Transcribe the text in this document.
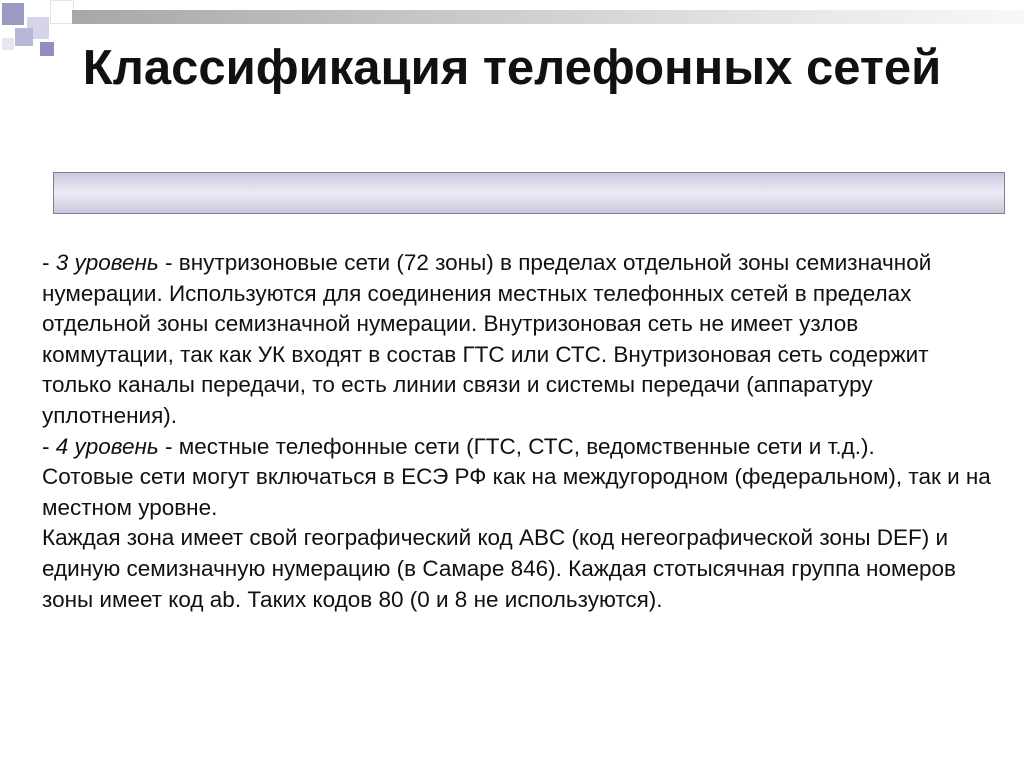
Классификация телефонных сетей

- 3 уровень - внутризоновые сети (72 зоны) в пределах отдельной зоны семизначной нумерации. Используются для соединения местных телефонных сетей в пределах отдельной зоны семизначной нумерации. Внутризоновая сеть не имеет узлов коммутации, так как УК входят в состав ГТС или СТС. Внутризоновая сеть содержит только каналы передачи, то есть линии связи и системы передачи (аппаратуру уплотнения).

- 4 уровень - местные телефонные сети (ГТС, СТС, ведомственные сети и т.д.).

Сотовые сети могут включаться в ЕСЭ РФ как на междугородном (федеральном), так и на местном уровне.

Каждая зона имеет свой географический код ABC (код негеографической зоны DEF) и единую семизначную нумерацию (в Самаре 846). Каждая стотысячная группа номеров зоны имеет код ab. Таких кодов 80 (0 и 8 не используются).
